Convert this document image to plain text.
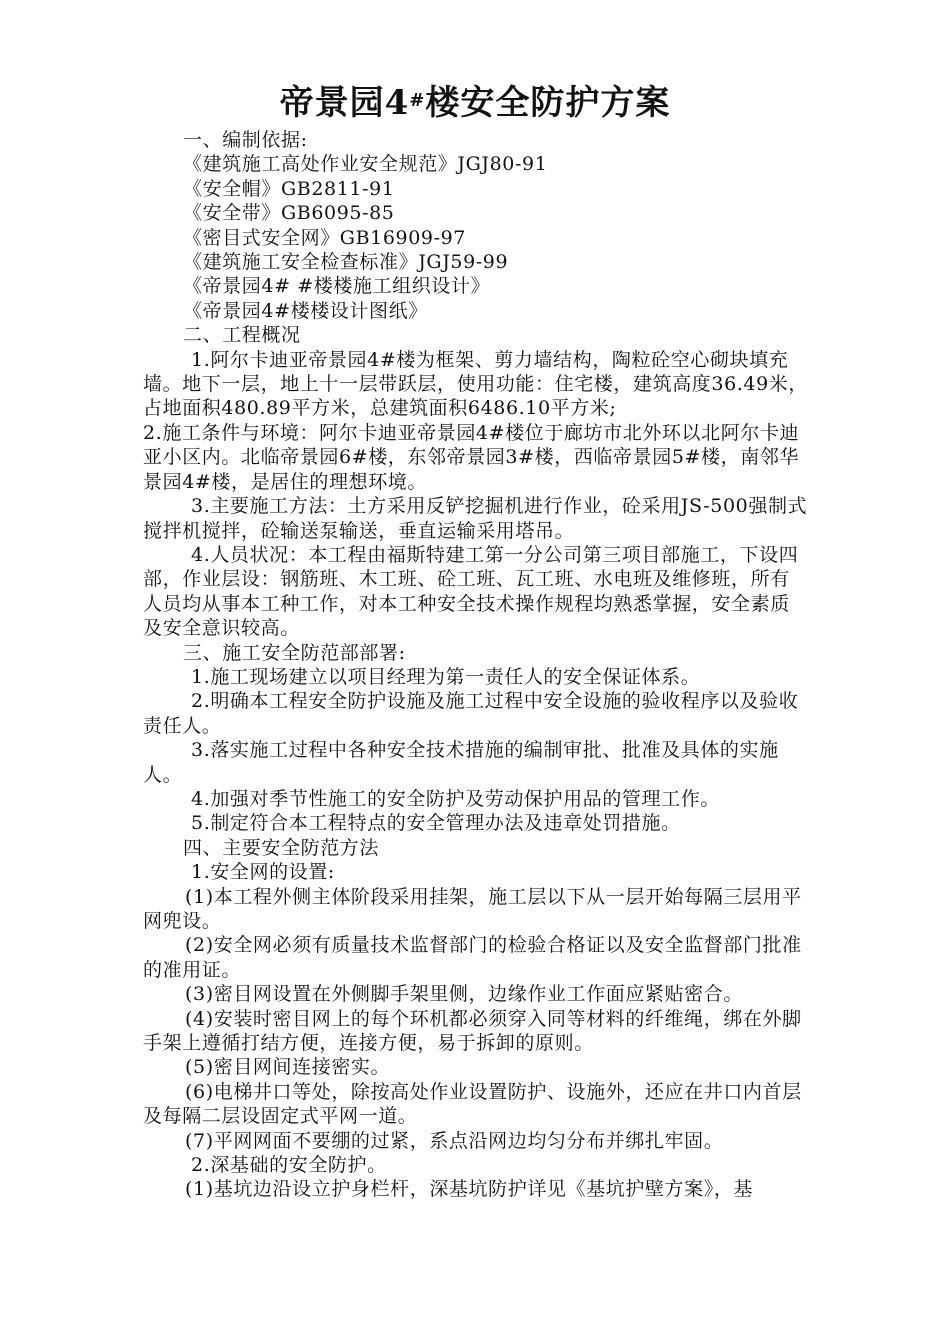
帝景园4#楼安全防护方案

一、编制依据:

《建筑施工高处作业安全规范》JGJ80-91

《安全帽》GB2811-91

《安全带》GB6095-85

《密目式安全网》GB16909-97

《建筑施工安全检查标准》JGJ59-99

《帝景园4# #楼楼施工组织设计》

《帝景园4#楼楼设计图纸》

二、工程概况

1.阿尔卡迪亚帝景园4#楼为框架、剪力墙结构，陶粒砼空心砌块填充墙。地下一层，地上十一层带跃层，使用功能：住宅楼，建筑高度36.49米，占地面积480.89平方米，总建筑面积6486.10平方米;

2.施工条件与环境：阿尔卡迪亚帝景园4#楼位于廊坊市北外环以北阿尔卡迪亚小区内。北临帝景园6#楼，东邻帝景园3#楼，西临帝景园5#楼，南邻华景园4#楼，是居住的理想环境。

3.主要施工方法：土方采用反铲挖掘机进行作业，砼采用JS-500强制式搅拌机搅拌，砼输送泵输送，垂直运输采用塔吊。

4.人员状况：本工程由福斯特建工第一分公司第三项目部施工，下设四部，作业层设：钢筋班、木工班、砼工班、瓦工班、水电班及维修班，所有人员均从事本工种工作，对本工种安全技术操作规程均熟悉掌握，安全素质及安全意识较高。

三、施工安全防范部部署:

1.施工现场建立以项目经理为第一责任人的安全保证体系。

2.明确本工程安全防护设施及施工过程中安全设施的验收程序以及验收责任人。

3.落实施工过程中各种安全技术措施的编制审批、批准及具体的实施人。

4.加强对季节性施工的安全防护及劳动保护用品的管理工作。

5.制定符合本工程特点的安全管理办法及违章处罚措施。

四、主要安全防范方法

1.安全网的设置:

(1)本工程外侧主体阶段采用挂架，施工层以下从一层开始每隔三层用平网兜设。

(2)安全网必须有质量技术监督部门的检验合格证以及安全监督部门批准的准用证。

(3)密目网设置在外侧脚手架里侧，边缘作业工作面应紧贴密合。

(4)安装时密目网上的每个环机都必须穿入同等材料的纤维绳，绑在外脚手架上遵循打结方便，连接方便，易于拆卸的原则。

(5)密目网间连接密实。

(6)电梯井口等处，除按高处作业设置防护、设施外，还应在井口内首层及每隔二层设固定式平网一道。

(7)平网网面不要绷的过紧，系点沿网边均匀分布并绑扎牢固。

2.深基础的安全防护。

(1)基坑边沿设立护身栏杆，深基坑防护详见《基坑护壁方案》，基
